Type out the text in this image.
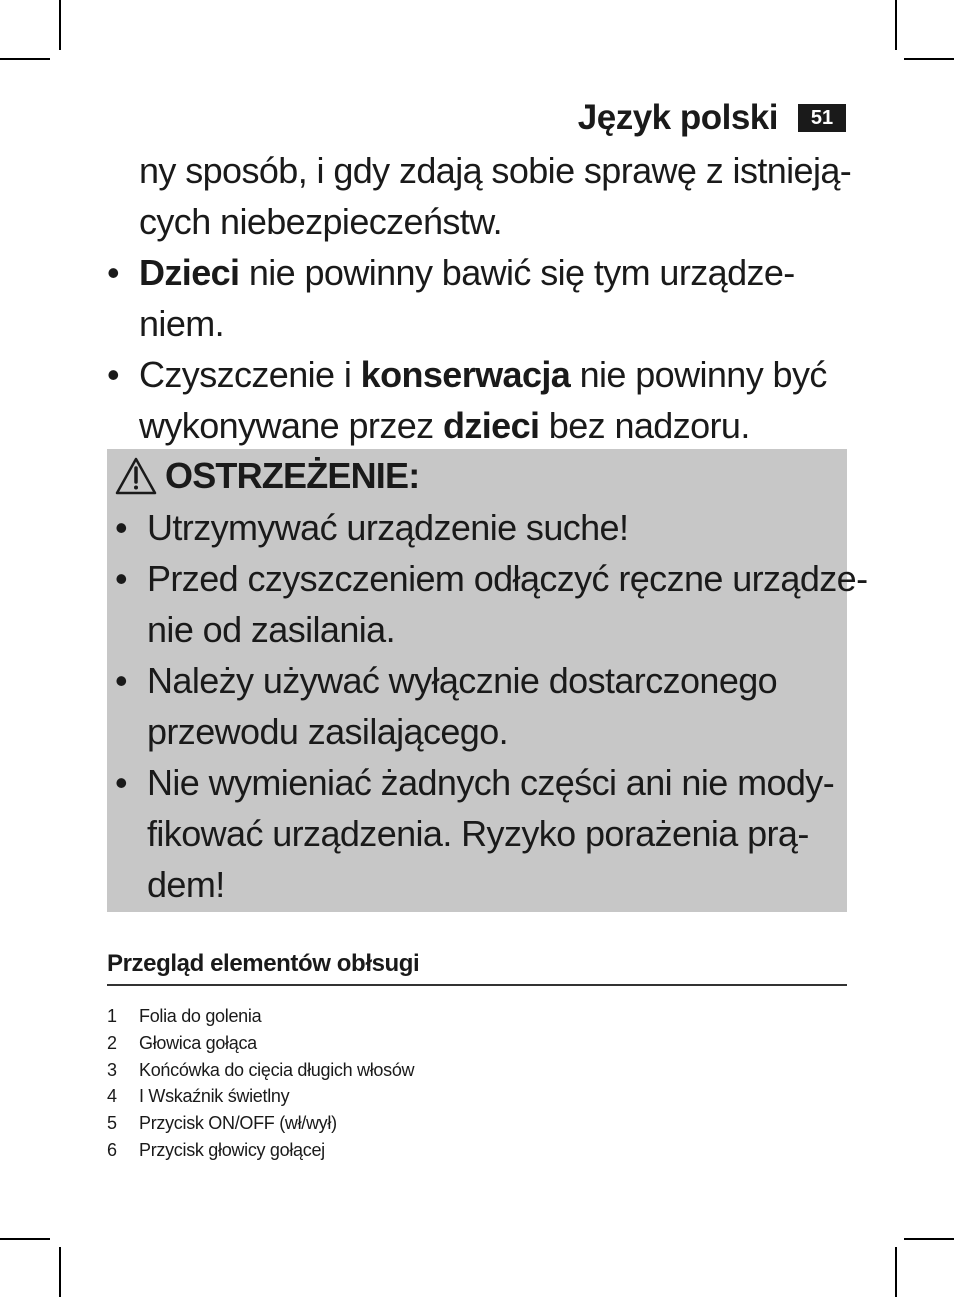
Język polski	51
ny sposób, i gdy zdają sobie sprawę z istnieją-
cych niebezpieczeństw.
• Dzieci nie powinny bawić się tym urządze-
niem.
• Czyszczenie i konserwacja nie powinny być
wykonywane przez dzieci bez nadzoru.
OSTRZEŻENIE:
• Utrzymywać urządzenie suche!
• Przed czyszczeniem odłączyć ręczne urządze-
nie od zasilania.
• Należy używać wyłącznie dostarczonego
przewodu zasilającego.
• Nie wymieniać żadnych części ani nie mody-
fikować urządzenia. Ryzyko porażenia prą-
dem!
Przegląd elementów obłsugi
1	Folia do golenia
2	Głowica gołąca
3	Końcówka do cięcia długich włosów
4	I Wskaźnik świetlny
5	Przycisk ON/OFF (wł/wył)
6	Przycisk głowicy gołącej
